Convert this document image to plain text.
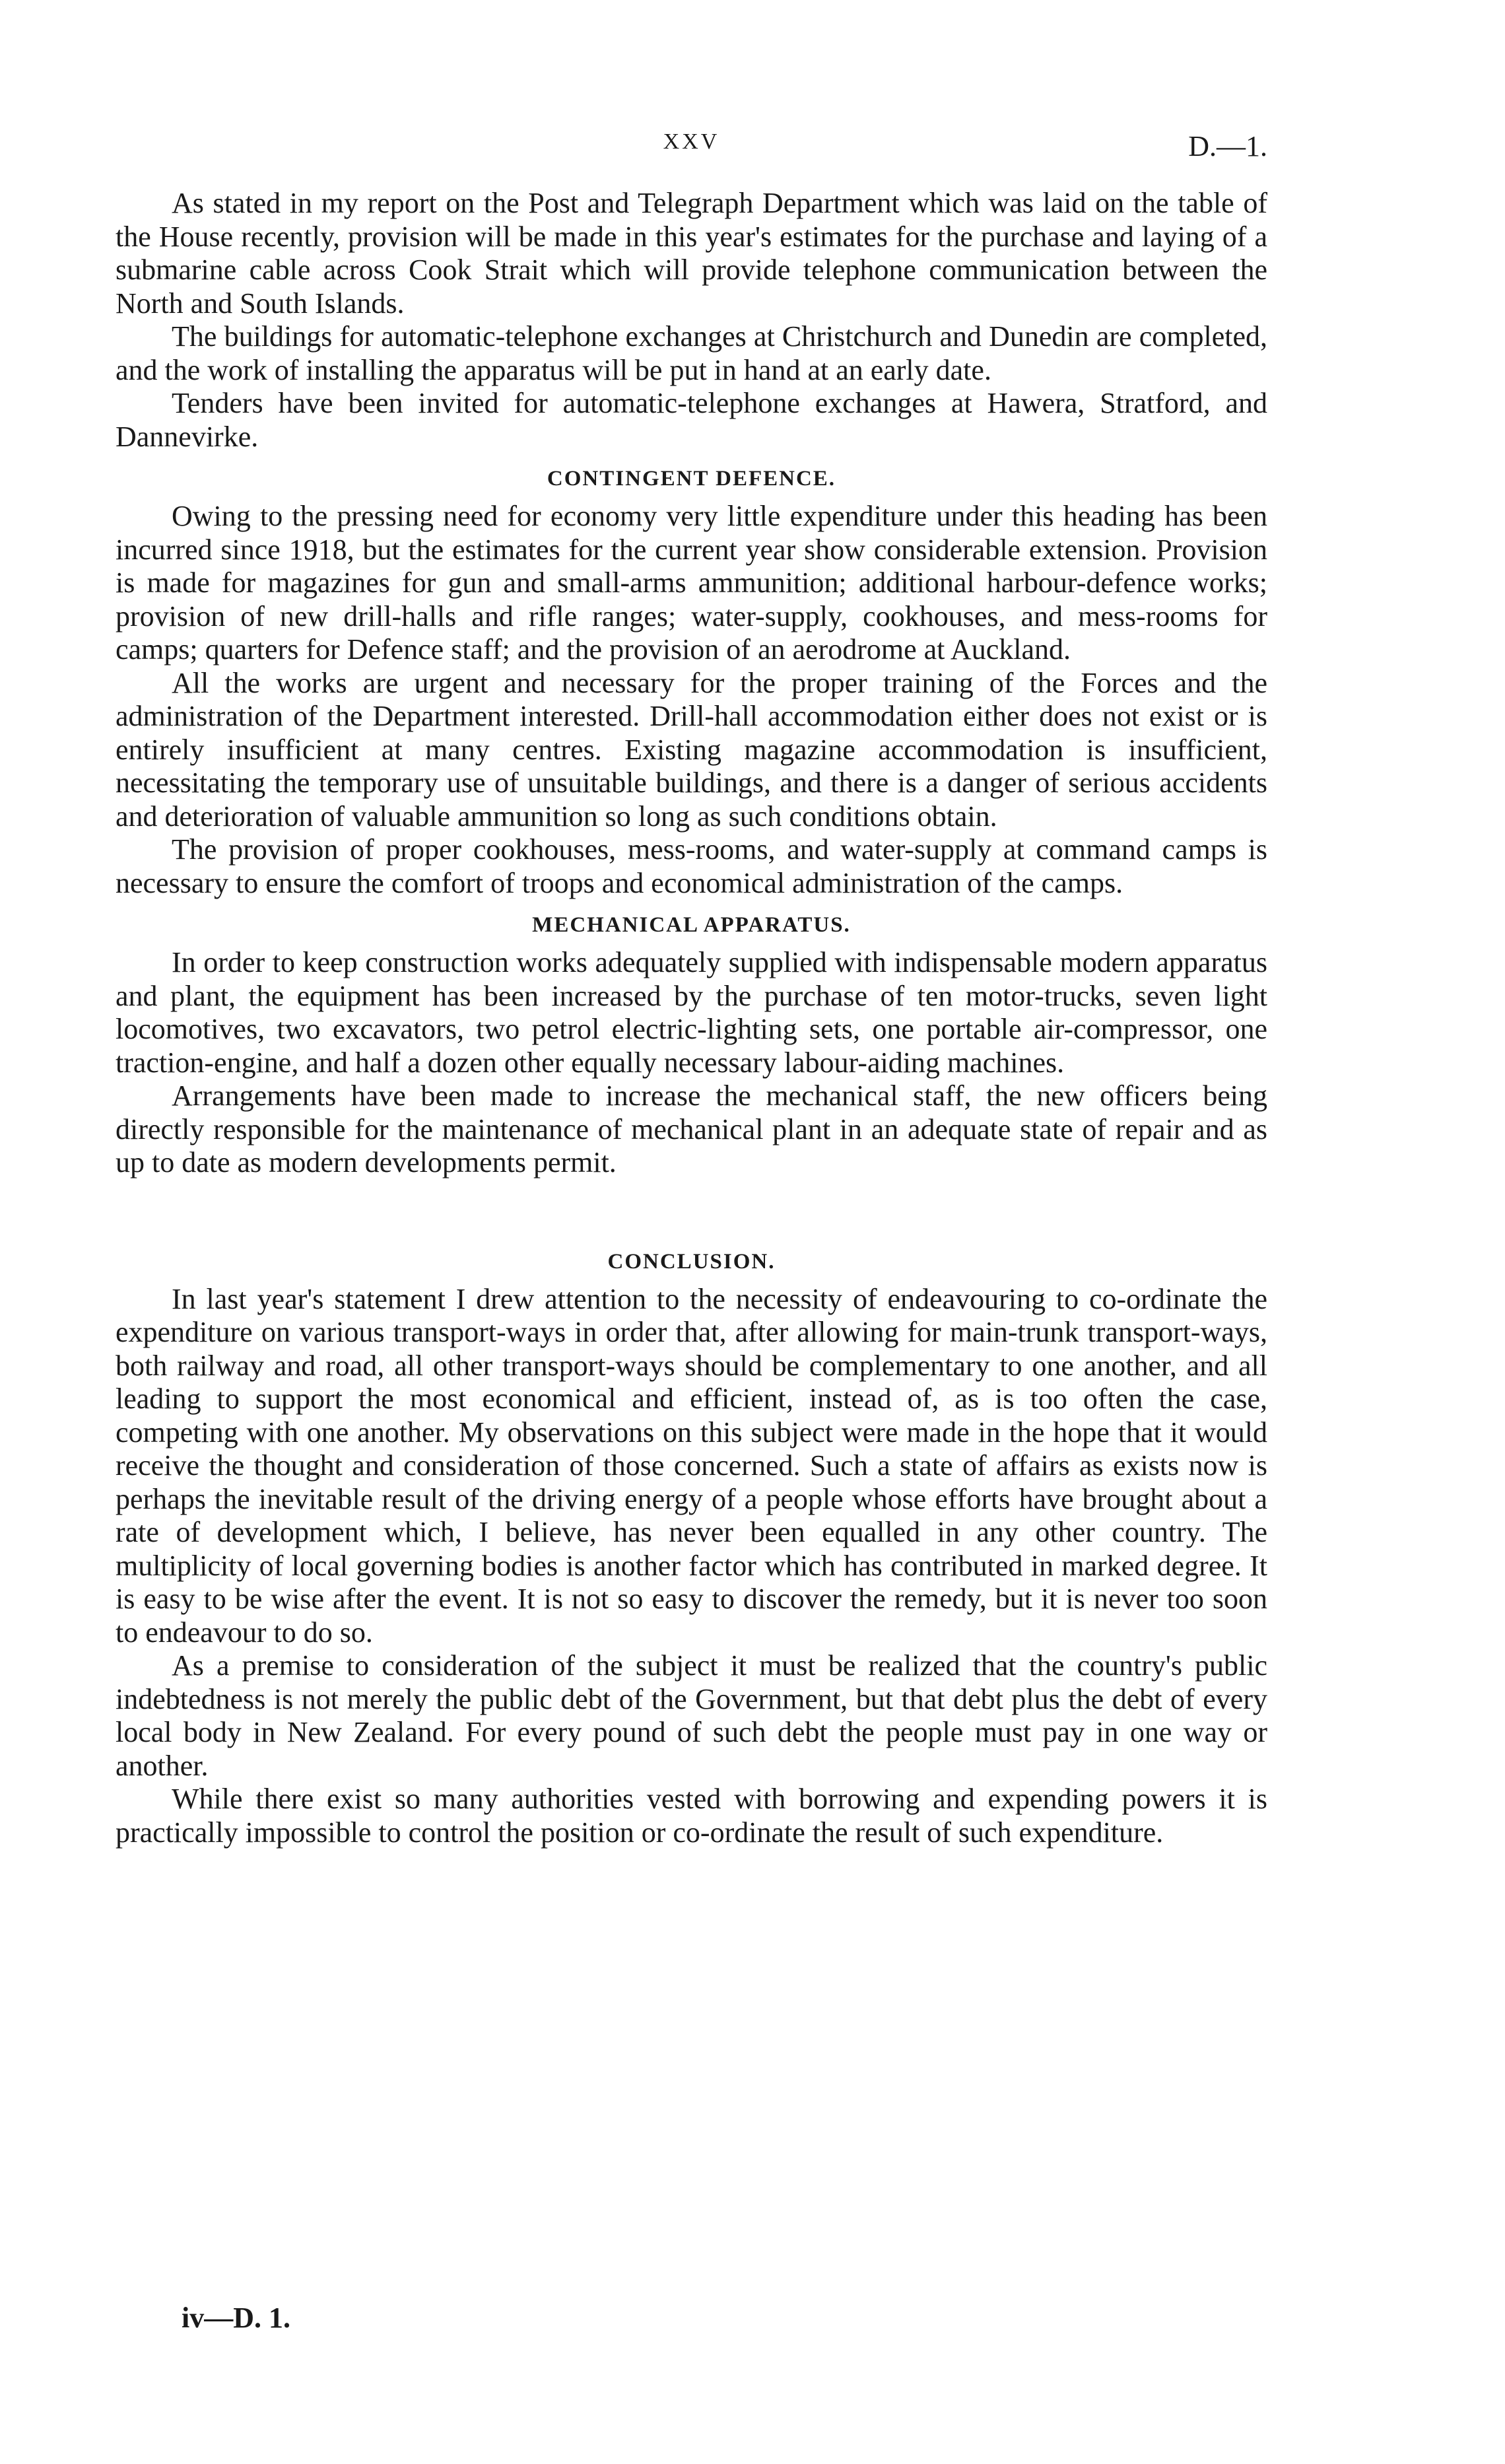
XXV	D.—1.

As stated in my report on the Post and Telegraph Department which was laid on the table of the House recently, provision will be made in this year's estimates for the purchase and laying of a submarine cable across Cook Strait which will provide telephone communication between the North and South Islands.

The buildings for automatic-telephone exchanges at Christchurch and Dunedin are completed, and the work of installing the apparatus will be put in hand at an early date.

Tenders have been invited for automatic-telephone exchanges at Hawera, Stratford, and Dannevirke.

CONTINGENT DEFENCE.

Owing to the pressing need for economy very little expenditure under this heading has been incurred since 1918, but the estimates for the current year show considerable extension. Provision is made for magazines for gun and small-arms ammunition; additional harbour-defence works; provision of new drill-halls and rifle ranges; water-supply, cookhouses, and mess-rooms for camps; quarters for Defence staff; and the provision of an aerodrome at Auckland.

All the works are urgent and necessary for the proper training of the Forces and the administration of the Department interested. Drill-hall accommodation either does not exist or is entirely insufficient at many centres. Existing magazine accommodation is insufficient, necessitating the temporary use of unsuitable buildings, and there is a danger of serious accidents and deterioration of valuable ammunition so long as such conditions obtain.

The provision of proper cookhouses, mess-rooms, and water-supply at command camps is necessary to ensure the comfort of troops and economical administration of the camps.

MECHANICAL APPARATUS.

In order to keep construction works adequately supplied with indispensable modern apparatus and plant, the equipment has been increased by the purchase of ten motor-trucks, seven light locomotives, two excavators, two petrol electric-lighting sets, one portable air-compressor, one traction-engine, and half a dozen other equally necessary labour-aiding machines.

Arrangements have been made to increase the mechanical staff, the new officers being directly responsible for the maintenance of mechanical plant in an adequate state of repair and as up to date as modern developments permit.

CONCLUSION.

In last year's statement I drew attention to the necessity of endeavouring to co-ordinate the expenditure on various transport-ways in order that, after allowing for main-trunk transport-ways, both railway and road, all other transport-ways should be complementary to one another, and all leading to support the most economical and efficient, instead of, as is too often the case, competing with one another. My observations on this subject were made in the hope that it would receive the thought and consideration of those concerned. Such a state of affairs as exists now is perhaps the inevitable result of the driving energy of a people whose efforts have brought about a rate of development which, I believe, has never been equalled in any other country. The multiplicity of local governing bodies is another factor which has contributed in marked degree. It is easy to be wise after the event. It is not so easy to discover the remedy, but it is never too soon to endeavour to do so.

As a premise to consideration of the subject it must be realized that the country's public indebtedness is not merely the public debt of the Government, but that debt plus the debt of every local body in New Zealand. For every pound of such debt the people must pay in one way or another.

While there exist so many authorities vested with borrowing and expending powers it is practically impossible to control the position or co-ordinate the result of such expenditure.

iv—D. 1.
